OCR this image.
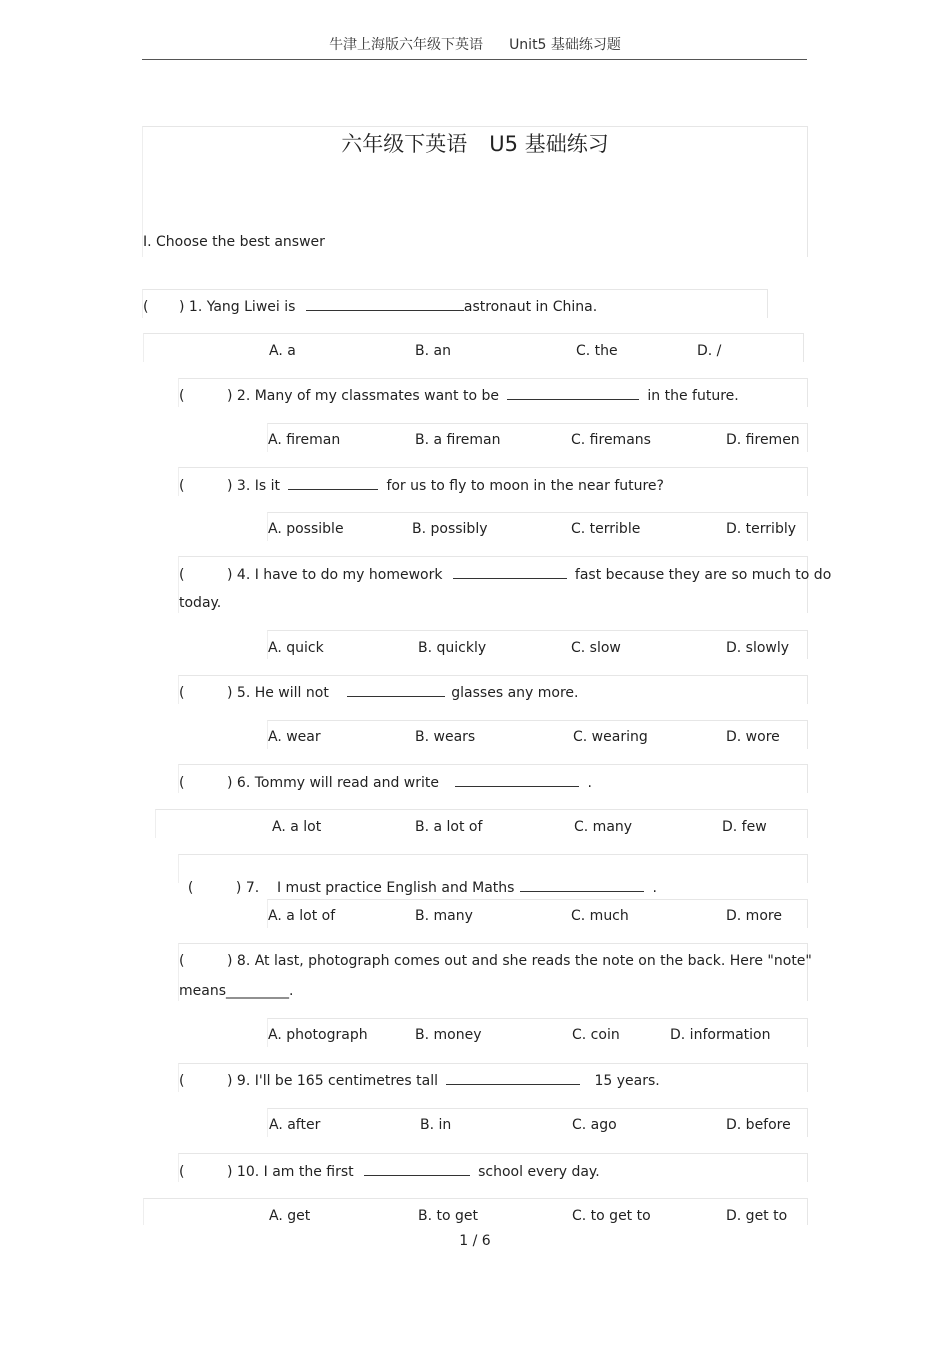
牛津上海版六年级下英语 Unit5 基础练习题
六年级下英语 U5 基础练习
I. Choose the best answer
( ) 1. Yang Liwei is	astronaut in China.
A. a	B. an	C. the	D. /
(	) 2. Many of my classmates want to be	in the future.
A. fireman	B. a fireman	C. firemans	D. firemen
(	) 3. Is it	for us to fly to moon in the near future?
A. possible	B. possibly	C. terrible	D. terribly
(	) 4. I have to do my homework	fast because they are so much to do
today.
A. quick	B. quickly	C. slow	D. slowly
(	) 5. He will not	glasses any more.
A. wear	B. wears	C. wearing	D. wore
(	) 6. Tommy will read and write	.
A. a lot	B. a lot of	C. many	D. few

(	) 7.    I must practice English and Maths	.

A. a lot of	B. many	C. much	D. more
(	) 8. At last, photograph comes out and she reads the note on the back. Here "note"
means_________.
A. photograph	B. money	C. coin	D. information
(	) 9. I'll be 165 centimetres tall	15 years.
A. after	B. in	C. ago	D. before
(	) 10. I am the first	school every day.
A. get	B. to get	C. to get to	D. get to
1 / 6
